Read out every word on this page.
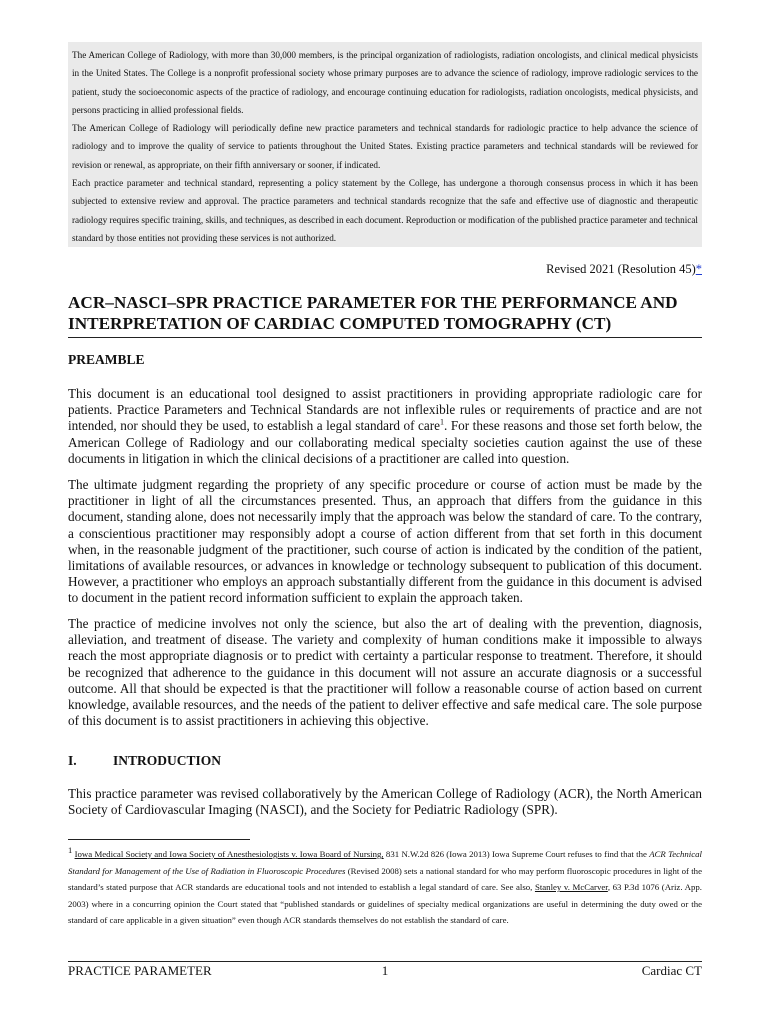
The American College of Radiology, with more than 30,000 members, is the principal organization of radiologists, radiation oncologists, and clinical medical physicists in the United States. The College is a nonprofit professional society whose primary purposes are to advance the science of radiology, improve radiologic services to the patient, study the socioeconomic aspects of the practice of radiology, and encourage continuing education for radiologists, radiation oncologists, medical physicists, and persons practicing in allied professional fields.

The American College of Radiology will periodically define new practice parameters and technical standards for radiologic practice to help advance the science of radiology and to improve the quality of service to patients throughout the United States. Existing practice parameters and technical standards will be reviewed for revision or renewal, as appropriate, on their fifth anniversary or sooner, if indicated.

Each practice parameter and technical standard, representing a policy statement by the College, has undergone a thorough consensus process in which it has been subjected to extensive review and approval. The practice parameters and technical standards recognize that the safe and effective use of diagnostic and therapeutic radiology requires specific training, skills, and techniques, as described in each document. Reproduction or modification of the published practice parameter and technical standard by those entities not providing these services is not authorized.

Revised 2021 (Resolution 45)*
ACR–NASCI–SPR PRACTICE PARAMETER FOR THE PERFORMANCE AND INTERPRETATION OF CARDIAC COMPUTED TOMOGRAPHY (CT)
PREAMBLE

This document is an educational tool designed to assist practitioners in providing appropriate radiologic care for patients. Practice Parameters and Technical Standards are not inflexible rules or requirements of practice and are not intended, nor should they be used, to establish a legal standard of care$^1$. For these reasons and those set forth below, the American College of Radiology and our collaborating medical specialty societies caution against the use of these documents in litigation in which the clinical decisions of a practitioner are called into question.

The ultimate judgment regarding the propriety of any specific procedure or course of action must be made by the practitioner in light of all the circumstances presented. Thus, an approach that differs from the guidance in this document, standing alone, does not necessarily imply that the approach was below the standard of care. To the contrary, a conscientious practitioner may responsibly adopt a course of action different from that set forth in this document when, in the reasonable judgment of the practitioner, such course of action is indicated by the condition of the patient, limitations of available resources, or advances in knowledge or technology subsequent to publication of this document. However, a practitioner who employs an approach substantially different from the guidance in this document is advised to document in the patient record information sufficient to explain the approach taken.

The practice of medicine involves not only the science, but also the art of dealing with the prevention, diagnosis, alleviation, and treatment of disease. The variety and complexity of human conditions make it impossible to always reach the most appropriate diagnosis or to predict with certainty a particular response to treatment. Therefore, it should be recognized that adherence to the guidance in this document will not assure an accurate diagnosis or a successful outcome. All that should be expected is that the practitioner will follow a reasonable course of action based on current knowledge, available resources, and the needs of the patient to deliver effective and safe medical care. The sole purpose of this document is to assist practitioners in achieving this objective.

I.	INTRODUCTION

This practice parameter was revised collaboratively by the American College of Radiology (ACR), the North American Society of Cardiovascular Imaging (NASCI), and the Society for Pediatric Radiology (SPR).

$^1$ Iowa Medical Society and Iowa Society of Anesthesiologists v. Iowa Board of Nursing, 831 N.W.2d 826 (Iowa 2013) Iowa Supreme Court refuses to find that the ACR Technical Standard for Management of the Use of Radiation in Fluoroscopic Procedures (Revised 2008) sets a national standard for who may perform fluoroscopic procedures in light of the standard’s stated purpose that ACR standards are educational tools and not intended to establish a legal standard of care. See also, Stanley v. McCarver, 63 P.3d 1076 (Ariz. App. 2003) where in a concurring opinion the Court stated that “published standards or guidelines of specialty medical organizations are useful in determining the duty owed or the standard of care applicable in a given situation” even though ACR standards themselves do not establish the standard of care.

PRACTICE PARAMETER	1	Cardiac CT
